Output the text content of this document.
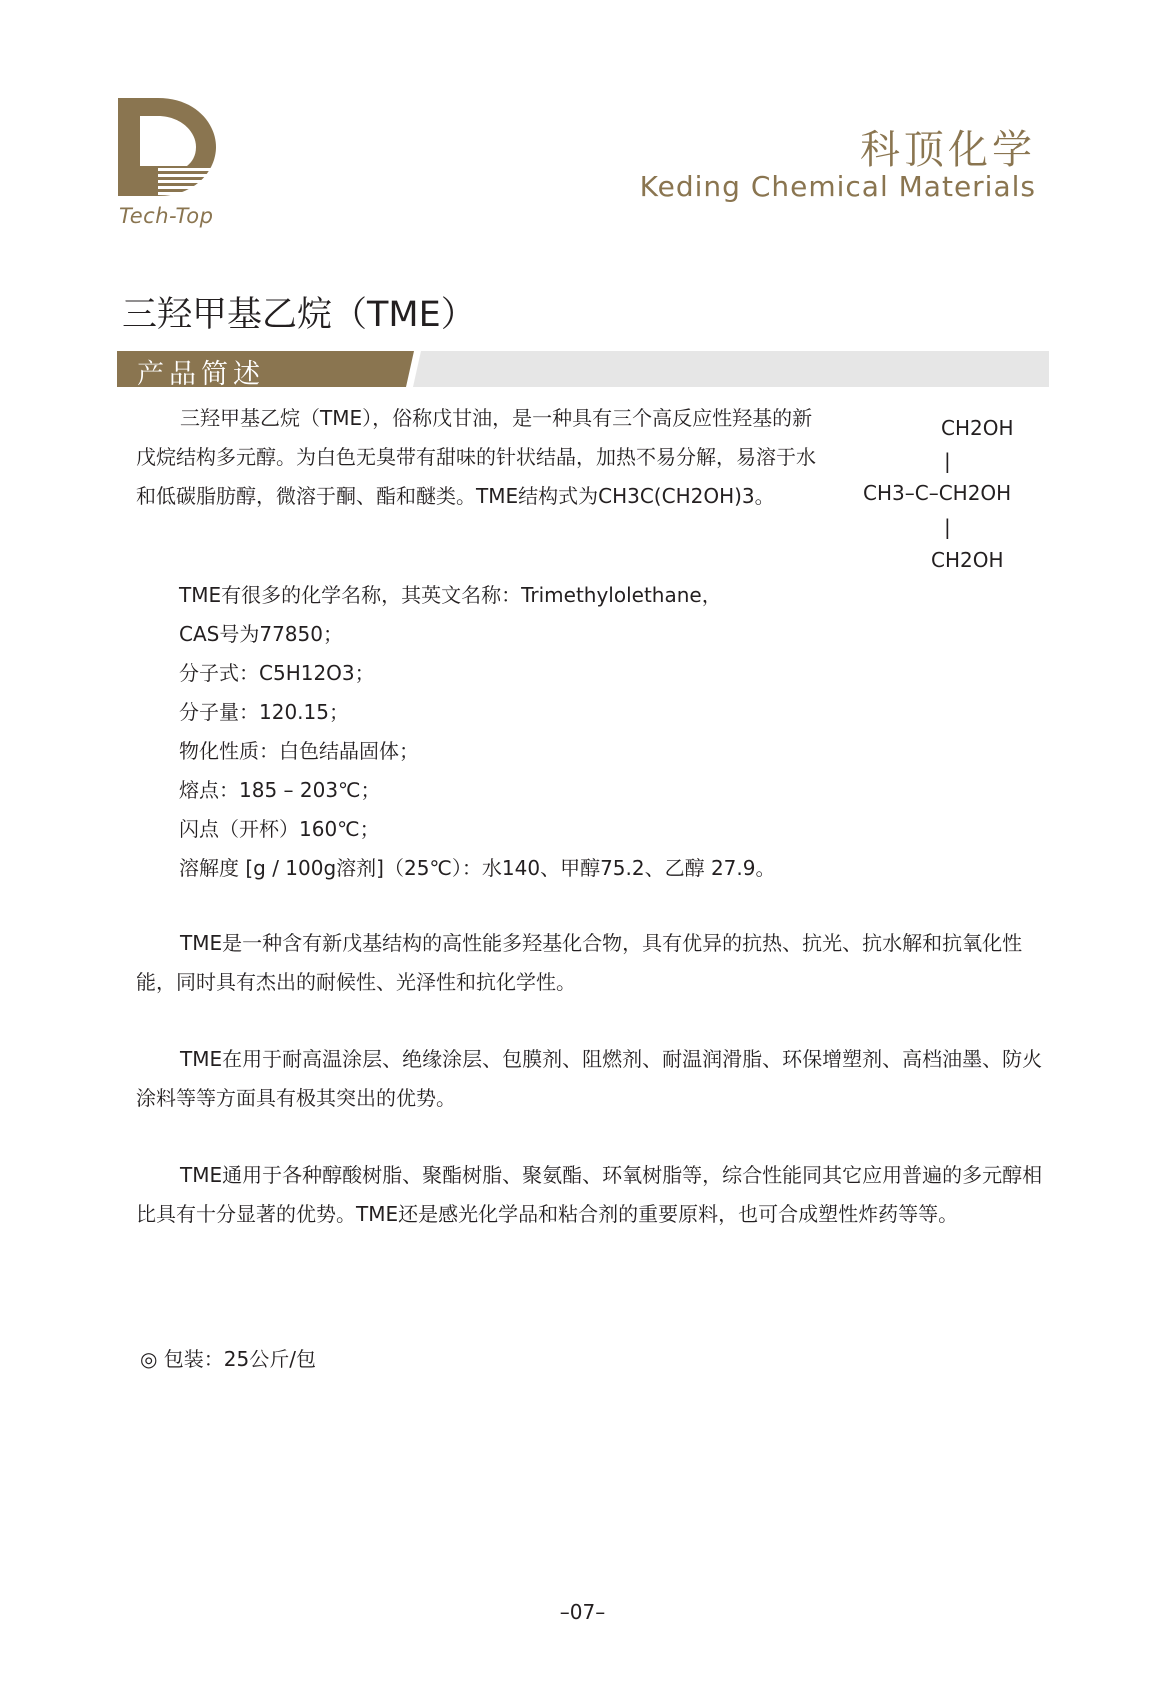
Tech-Top
科顶化学
Keding Chemical Materials
三羟甲基乙烷（TME）
产品简述
三羟甲基乙烷（TME），俗称戊甘油，是一种具有三个高反应性羟基的新戊烷结构多元醇。为白色无臭带有甜味的针状结晶，加热不易分解，易溶于水和低碳脂肪醇，微溶于酮、酯和醚类。TME结构式为CH3C(CH2OH)3。
CH2OH
|
CH3–C–CH2OH
|
CH2OH
TME有很多的化学名称，其英文名称：Trimethylolethane，
CAS号为77850；
分子式：C5H12O3；
分子量：120.15；
物化性质：白色结晶固体；
熔点：185 – 203℃；
闪点（开杯）160℃；
溶解度 [g / 100g溶剂]（25℃）：水140、甲醇75.2、乙醇 27.9。
TME是一种含有新戊基结构的高性能多羟基化合物，具有优异的抗热、抗光、抗水解和抗氧化性能，同时具有杰出的耐候性、光泽性和抗化学性。
TME在用于耐高温涂层、绝缘涂层、包膜剂、阻燃剂、耐温润滑脂、环保增塑剂、高档油墨、防火涂料等等方面具有极其突出的优势。
TME通用于各种醇酸树脂、聚酯树脂、聚氨酯、环氧树脂等，综合性能同其它应用普遍的多元醇相比具有十分显著的优势。TME还是感光化学品和粘合剂的重要原料，也可合成塑性炸药等等。
◎ 包装：25公斤/包
–07–
